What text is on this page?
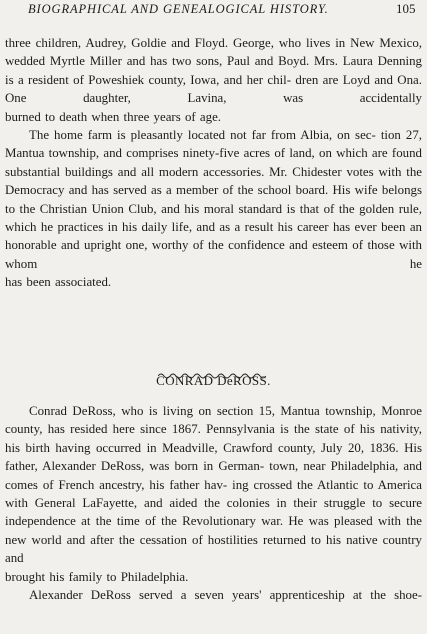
BIOGRAPHICAL AND GENEALOGICAL HISTORY.	105

three children, Audrey, Goldie and Floyd. George, who lives in New Mexico, wedded Myrtle Miller and has two sons, Paul and Boyd. Mrs. Laura Denning is a resident of Poweshiek county, Iowa, and her chil- dren are Loyd and Ona. One daughter, Lavina, was accidentally

burned to death when three years of age.

The home farm is pleasantly located not far from Albia, on sec- tion 27, Mantua township, and comprises ninety-five acres of land, on which are found substantial buildings and all modern accessories. Mr. Chidester votes with the Democracy and has served as a member of the school board. His wife belongs to the Christian Union Club, and his moral standard is that of the golden rule, which he practices in his daily life, and as a result his career has ever been an honorable and upright one, worthy of the confidence and esteem of those with whom he

has been associated.

CONRAD DeROSS.

Conrad DeRoss, who is living on section 15, Mantua township, Monroe county, has resided here since 1867. Pennsylvania is the state of his nativity, his birth having occurred in Meadville, Crawford county, July 20, 1836. His father, Alexander DeRoss, was born in German- town, near Philadelphia, and comes of French ancestry, his father hav- ing crossed the Atlantic to America with General LaFayette, and aided the colonies in their struggle to secure independence at the time of the Revolutionary war. He was pleased with the new world and after the cessation of hostilities returned to his native country and

brought his family to Philadelphia.

Alexander DeRoss served a seven years' apprenticeship at the shoe-
